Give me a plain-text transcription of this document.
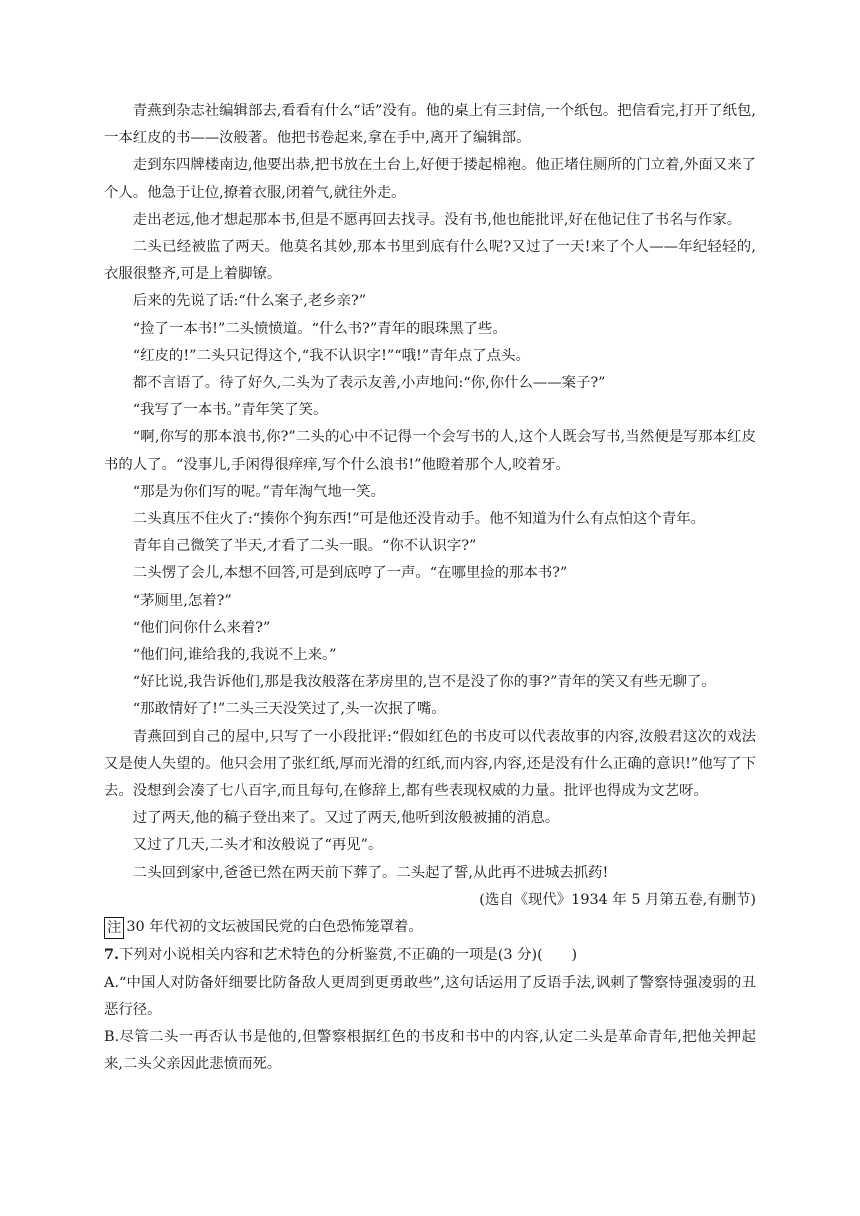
青燕到杂志社编辑部去,看看有什么“话”没有。他的桌上有三封信,一个纸包。把信看完,打开了纸包,一本红皮的书——汝般著。他把书卷起来,拿在手中,离开了编辑部。

走到东四牌楼南边,他要出恭,把书放在土台上,好便于搂起棉袍。他正堵住厕所的门立着,外面又来了个人。他急于让位,撩着衣服,闭着气,就往外走。

走出老远,他才想起那本书,但是不愿再回去找寻。没有书,他也能批评,好在他记住了书名与作家。

二头已经被监了两天。他莫名其妙,那本书里到底有什么呢?又过了一天!来了个人——年纪轻轻的,衣服很整齐,可是上着脚镣。

后来的先说了话:“什么案子,老乡亲?”

“捡了一本书!”二头愤愤道。“什么书?”青年的眼珠黑了些。

“红皮的!”二头只记得这个,“我不认识字!”“哦!”青年点了点头。

都不言语了。待了好久,二头为了表示友善,小声地问:“你,你什么——案子?”

“我写了一本书。”青年笑了笑。

“啊,你写的那本浪书,你?”二头的心中不记得一个会写书的人,这个人既会写书,当然便是写那本红皮书的人了。“没事儿,手闲得很痒痒,写个什么浪书!”他瞪着那个人,咬着牙。

“那是为你们写的呢。”青年淘气地一笑。

二头真压不住火了:“揍你个狗东西!”可是他还没肯动手。他不知道为什么有点怕这个青年。

青年自己微笑了半天,才看了二头一眼。“你不认识字?”

二头愣了会儿,本想不回答,可是到底哼了一声。“在哪里捡的那本书?”

“茅厕里,怎着?”

“他们问你什么来着?”

“他们问,谁给我的,我说不上来。”

“好比说,我告诉他们,那是我汝般落在茅房里的,岂不是没了你的事?”青年的笑又有些无聊了。

“那敢情好了!”二头三天没笑过了,头一次抿了嘴。

青燕回到自己的屋中,只写了一小段批评:“假如红色的书皮可以代表故事的内容,汝般君这次的戏法又是使人失望的。他只会用了张红纸,厚而光滑的红纸,而内容,内容,还是没有什么正确的意识!”他写了下去。没想到会凑了七八百字,而且每句,在修辞上,都有些表现权威的力量。批评也得成为文艺呀。

过了两天,他的稿子登出来了。又过了两天,他听到汝般被捕的消息。

又过了几天,二头才和汝般说了“再见”。

二头回到家中,爸爸已然在两天前下葬了。二头起了誓,从此再不进城去抓药!

(选自《现代》1934 年 5 月第五卷,有删节)

注 30 年代初的文坛被国民党的白色恐怖笼罩着。

7.下列对小说相关内容和艺术特色的分析鉴赏,不正确的一项是(3 分)(　　)

A.“中国人对防备奸细要比防备敌人更周到更勇敢些”,这句话运用了反语手法,讽刺了警察恃强凌弱的丑恶行径。

B.尽管二头一再否认书是他的,但警察根据红色的书皮和书中的内容,认定二头是革命青年,把他关押起来,二头父亲因此悲愤而死。
